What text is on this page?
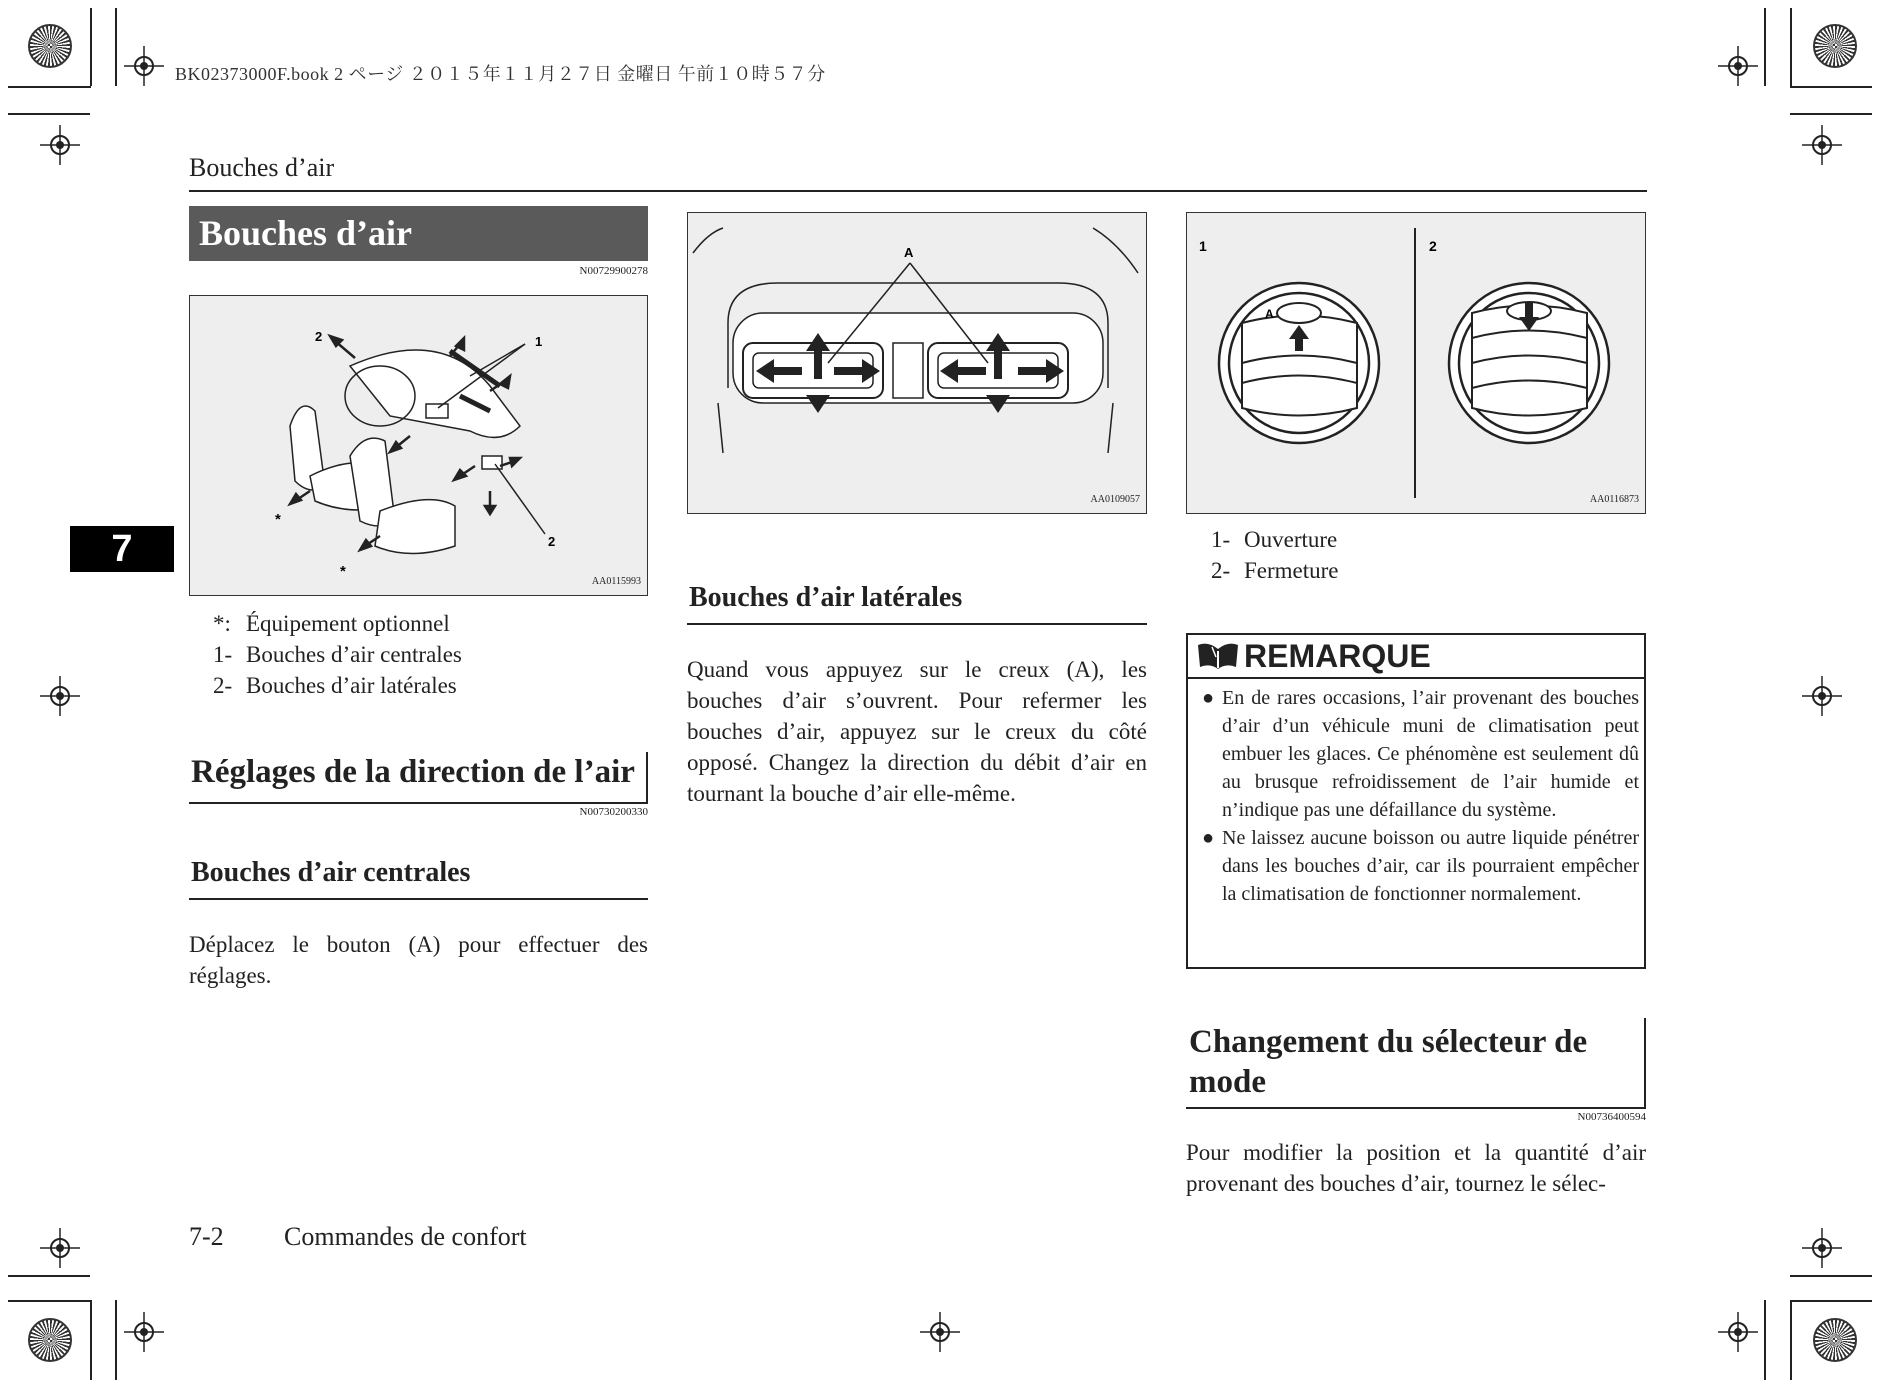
BK02373000F.book 2 ページ ２０１５年１１月２７日 金曜日 午前１０時５７分
Bouches d’air
7
Bouches d’air
N00729900278
2	1
2
*
*
AA0115993
*: Équipement optionnel
1- Bouches d’air centrales
2- Bouches d’air latérales
Réglages de la direction de l’air
N00730200330
Bouches d’air centrales
Déplacez le bouton (A) pour effectuer des réglages.
A
AA0109057
Bouches d’air latérales
Quand vous appuyez sur le creux (A), les bouches d’air s’ouvrent. Pour refermer les bouches d’air, appuyez sur le creux du côté opposé. Changez la direction du débit d’air en tournant la bouche d’air elle-même.
1	2
A
AA0116873
1- Ouverture
2- Fermeture
REMARQUE
● En de rares occasions, l’air provenant des bouches d’air d’un véhicule muni de climatisation peut embuer les glaces. Ce phénomène est seulement dû au brusque refroidissement de l’air humide et n’indique pas une défaillance du système.
● Ne laissez aucune boisson ou autre liquide pénétrer dans les bouches d’air, car ils pourraient empêcher la climatisation de fonctionner normalement.
Changement du sélecteur de mode
N00736400594
Pour modifier la position et la quantité d’air provenant des bouches d’air, tournez le sélec-
7-2 Commandes de confort
